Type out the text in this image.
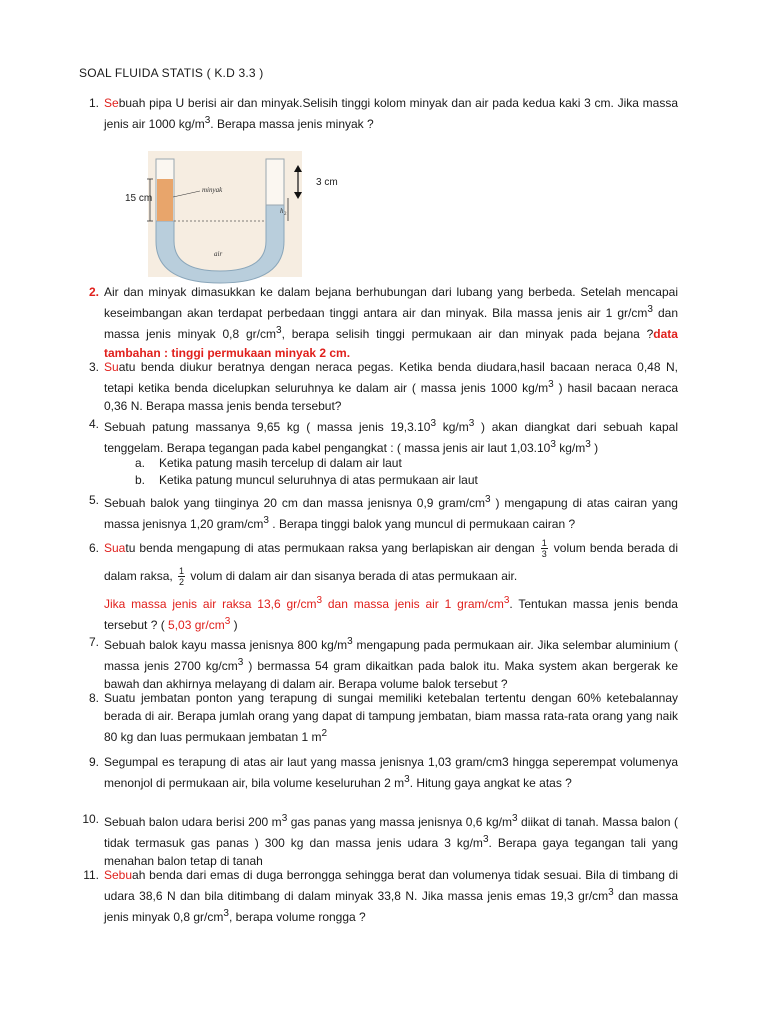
SOAL FLUIDA STATIS ( K.D 3.3 )
1. Sebuah pipa U berisi air dan minyak.Selisih tinggi kolom minyak dan air pada kedua kaki 3 cm. Jika massa jenis air 1000 $kg/m^3$. Berapa massa jenis minyak ?
15 cm
minyak
air
h 2
3 cm
2. Air dan minyak dimasukkan ke dalam bejana berhubungan dari lubang yang berbeda. Setelah mencapai keseimbangan akan terdapat perbedaan tinggi antara air dan minyak. Bila massa jenis air 1 $gr/cm^3$ dan massa jenis minyak 0,8 $gr/cm^3$, berapa selisih tinggi permukaan air dan minyak pada bejana ?data tambahan : tinggi permukaan minyak 2 cm.
3. Suatu benda diukur beratnya dengan neraca pegas. Ketika benda diudara,hasil bacaan neraca 0,48 N, tetapi ketika benda dicelupkan seluruhnya ke dalam air ( massa jenis 1000 $kg/m^3$ ) hasil bacaan neraca 0,36 N. Berapa massa jenis benda tersebut?
4. Sebuah patung massanya 9,65 kg ( massa jenis 19,3.10$^3$ $kg/m^3$ ) akan diangkat dari sebuah kapal tenggelam. Berapa tegangan pada kabel pengangkat : ( massa jenis air laut 1,03.10$^3$ $kg/m^3$ )
a. Ketika patung masih tercelup di dalam air laut
b. Ketika patung muncul seluruhnya di atas permukaan air laut
5. Sebuah balok yang tiinginya 20 cm dan massa jenisnya 0,9 gram/$cm^3$ ) mengapung di atas cairan yang massa jenisnya 1,20 gram/$cm^3$ . Berapa tinggi balok yang muncul di permukaan cairan ?
6. Suatu benda mengapung di atas permukaan raksa yang berlapiskan air dengan $\frac{1}{3}$ volum benda berada di dalam raksa, $\frac{1}{2}$ volum di dalam air dan sisanya berada di atas permukaan air.
Jika massa jenis air raksa 13,6 $gr/cm^3$ dan massa jenis air 1 gram/$cm^3$. Tentukan massa jenis benda tersebut ? ( 5,03 $gr/cm^3$ )
7. Sebuah balok kayu massa jenisnya 800 $kg/m^3$ mengapung pada permukaan air. Jika selembar aluminium ( massa jenis 2700 $kg/cm^3$ ) bermassa 54 gram dikaitkan pada balok itu. Maka system akan bergerak ke bawah dan akhirnya melayang di dalam air. Berapa volume balok tersebut ?
8. Suatu jembatan ponton yang terapung di sungai memiliki ketebalan tertentu dengan 60% ketebalannay berada di air. Berapa jumlah orang yang dapat di tampung jembatan, biam massa rata-rata orang yang naik 80 kg dan luas permukaan jembatan 1 $m^2$
9. Segumpal es terapung di atas air laut yang massa jenisnya 1,03 gram/cm3 hingga seperempat volumenya menonjol di permukaan air, bila volume keseluruhan 2 $m^3$. Hitung gaya angkat ke atas ?
10. Sebuah balon udara berisi 200 $m^3$ gas panas yang massa jenisnya 0,6 $kg/m^3$ diikat di tanah. Massa balon ( tidak termasuk gas panas ) 300 kg dan massa jenis udara 3 $kg/m^3$. Berapa gaya tegangan tali yang menahan balon tetap di tanah
11. Sebuah benda dari emas di duga berrongga sehingga berat dan volumenya tidak sesuai. Bila di timbang di udara 38,6 N dan bila ditimbang di dalam minyak 33,8 N. Jika massa jenis emas 19,3 $gr/cm^3$ dan massa jenis minyak 0,8 $gr/cm^3$, berapa volume rongga ?
